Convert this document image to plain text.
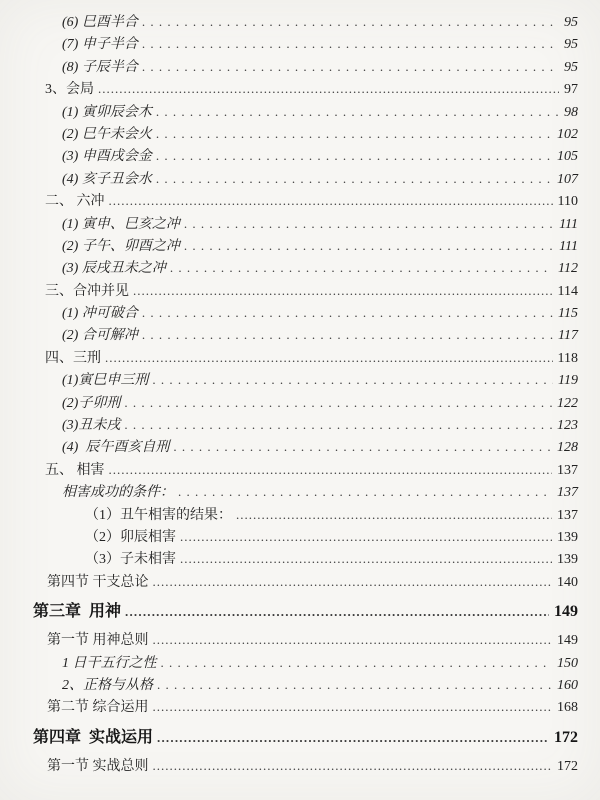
(6) 巳酉半合 . . .	95
(7) 申子半合 . . .	95
(8) 子辰半合 . . .	95
3、会局 .....	97
(1) 寅卯辰会木 . . .	98
(2) 巳午未会火 . . .	102
(3) 申酉戌会金 . . .	105
(4) 亥子丑会水 . . .	107
二、 六冲 .....	110
(1) 寅申、巳亥之冲 . . .	111
(2) 子午、卯酉之冲 . . .	111
(3) 辰戌丑未之冲 . . .	112
三、合冲并见 .....	114
(1) 冲可破合 . . .	115
(2) 合可解冲 . . .	117
四、三刑 .....	118
(1)寅巳申三刑 . . .	119
(2)子卯刑 . . .	122
(3)丑未戌 . . .	123
(4)  辰午酉亥自刑 . . .	128
五、 相害 .....	137
相害成功的条件： . . .	137
（1）丑午相害的结果： .....	137
（2）卯辰相害 .....	139
（3）子未相害 .....	139
第四节 干支总论 .....	140
第三章  用神 .....	149
第一节 用神总则 .....	149
1 日干五行之性 . . .	150
2、正格与从格 . . .	160
第二节 综合运用 .....	168
第四章  实战运用 .....	172
第一节 实战总则 .....	172
